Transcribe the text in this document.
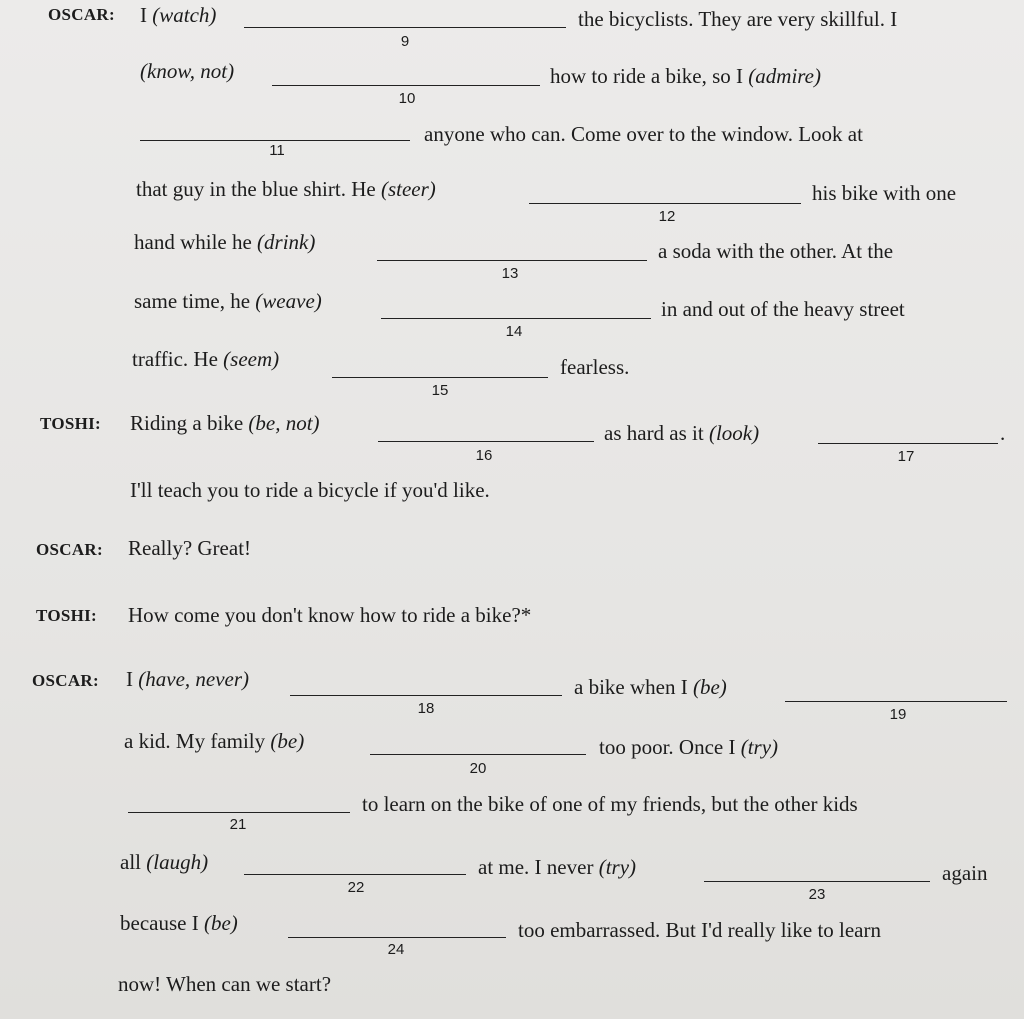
OSCAR: I (watch)
9
the bicyclists. They are very skillful. I
(know, not)
10
how to ride a bike, so I (admire)
11
anyone who can. Come over to the window. Look at
that guy in the blue shirt. He (steer)
12
his bike with one
hand while he (drink)
13
a soda with the other. At the
same time, he (weave)
14
in and out of the heavy street
traffic. He (seem)
15
fearless.
TOSHI: Riding a bike (be, not)
16
as hard as it (look)	.
17
I'll teach you to ride a bicycle if you'd like.
OSCAR: Really? Great!
TOSHI: How come you don't know how to ride a bike?*
OSCAR: I (have, never)
18
a bike when I (be)
19
a kid. My family (be)
20
too poor. Once I (try)
21
to learn on the bike of one of my friends, but the other kids
all (laugh)
22
at me. I never (try)
23
again
because I (be)
24
too embarrassed. But I'd really like to learn
now! When can we start?
